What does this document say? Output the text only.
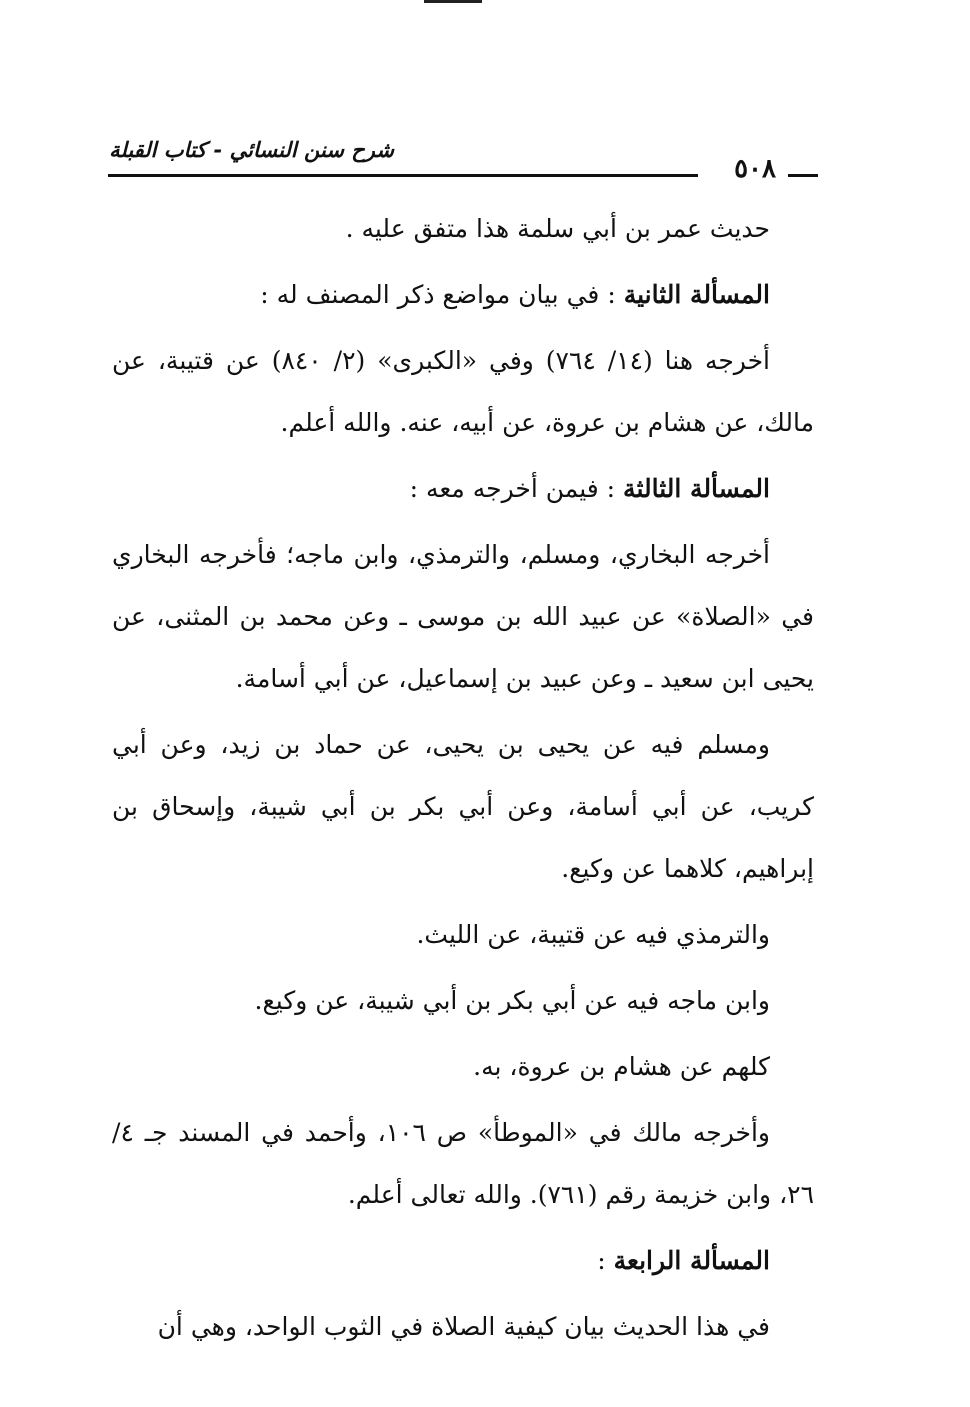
شرح سنن النسائي - كتاب القبلة
٥٠٨

حديث عمر بن أبي سلمة هذا متفق عليه .

المسألة الثانية : في بيان مواضع ذكر المصنف له :

أخرجه هنا (١٤/ ٧٦٤) وفي «الكبرى» (٢/ ٨٤٠) عن قتيبة، عن مالك، عن هشام بن عروة، عن أبيه، عنه. والله أعلم.

المسألة الثالثة : فيمن أخرجه معه :

أخرجه البخاري، ومسلم، والترمذي، وابن ماجه؛ فأخرجه البخاري في «الصلاة» عن عبيد الله بن موسى ـ وعن محمد بن المثنى، عن يحيى ابن سعيد ـ وعن عبيد بن إسماعيل، عن أبي أسامة.

ومسلم فيه عن يحيى بن يحيى، عن حماد بن زيد، وعن أبي كريب، عن أبي أسامة، وعن أبي بكر بن أبي شيبة، وإسحاق بن إبراهيم، كلاهما عن وكيع.

والترمذي فيه عن قتيبة، عن الليث.

وابن ماجه فيه عن أبي بكر بن أبي شيبة، عن وكيع.

كلهم عن هشام بن عروة، به.

وأخرجه مالك في «الموطأ» ص ١٠٦، وأحمد في المسند جـ ٤/ ٢٦، وابن خزيمة رقم (٧٦١). والله تعالى أعلم.

المسألة الرابعة :

في هذا الحديث بيان كيفية الصلاة في الثوب الواحد، وهي أن
